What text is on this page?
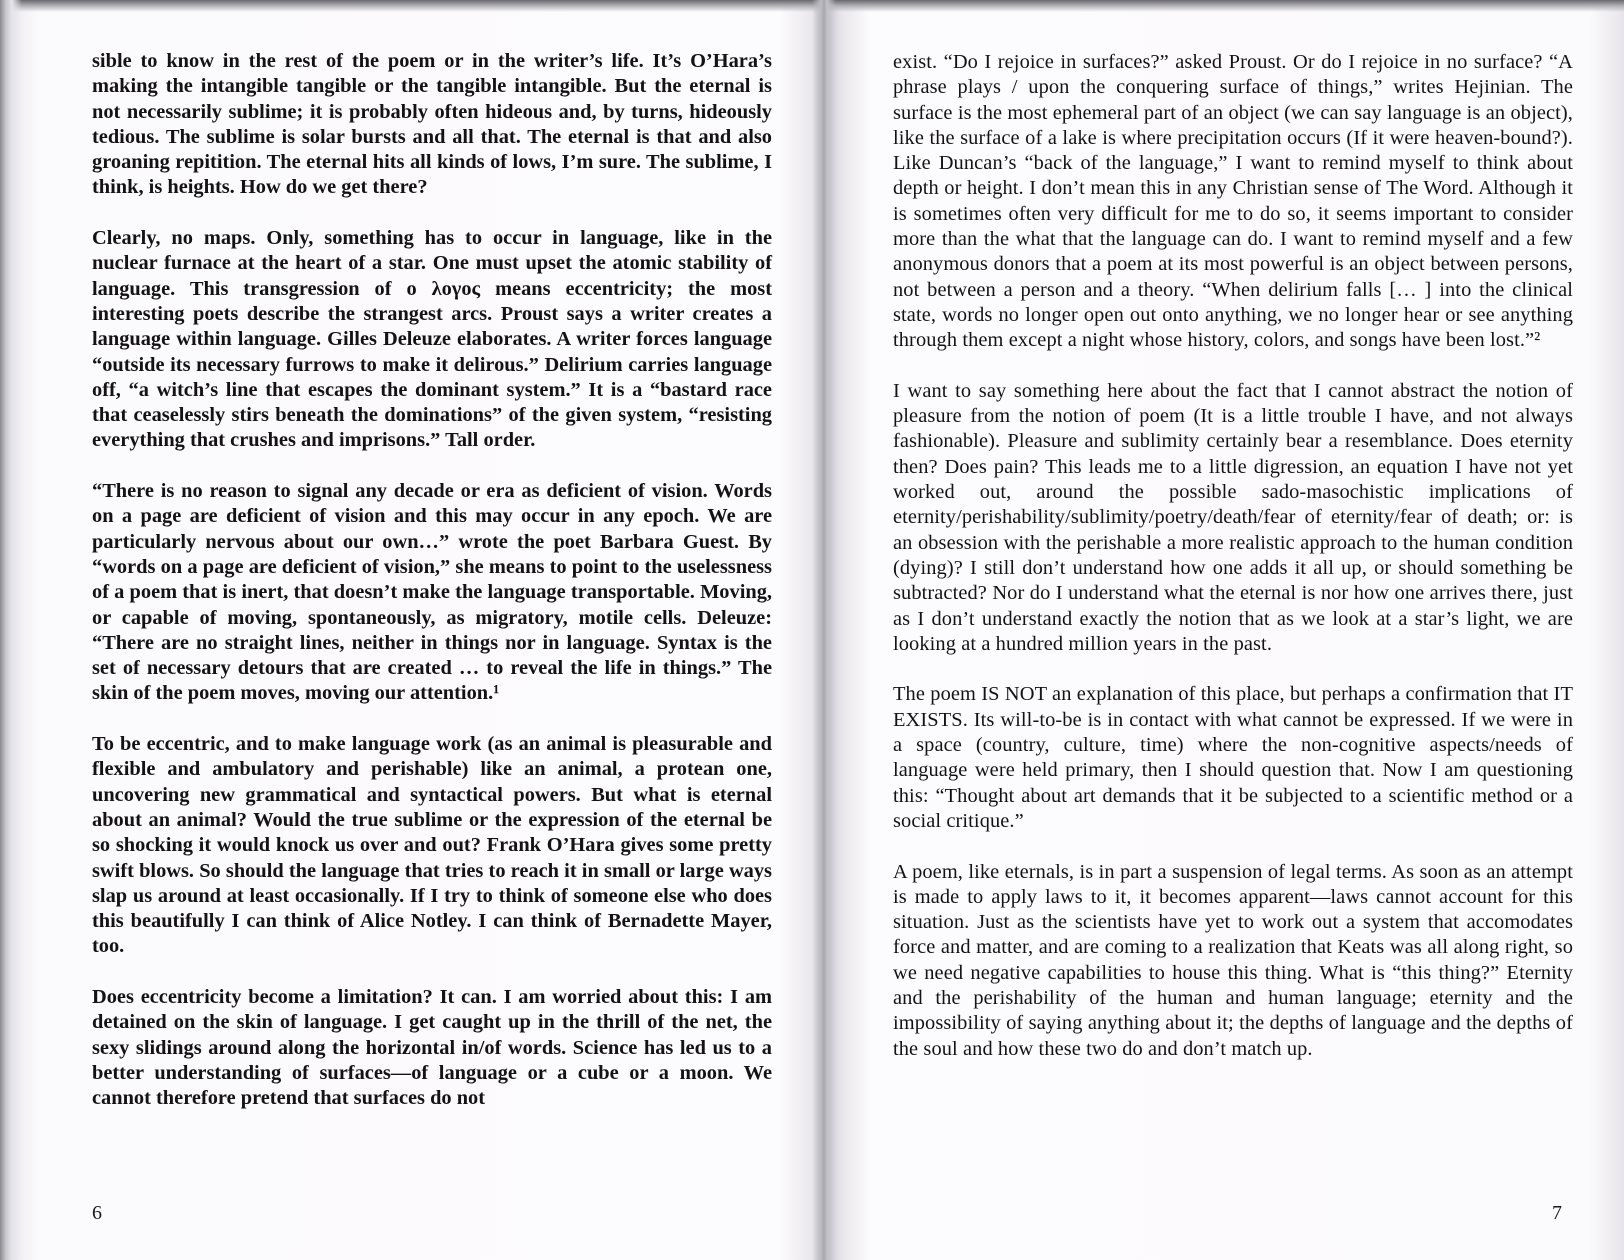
sible to know in the rest of the poem or in the writer’s life. It’s O’Hara’s making the intangible tangible or the tangible intangible. But the eternal is not necessarily sublime; it is probably often hideous and, by turns, hideously tedious. The sublime is solar bursts and all that. The eternal is that and also groaning repitition. The eternal hits all kinds of lows, I’m sure. The sublime, I think, is heights. How do we get there?

Clearly, no maps. Only, something has to occur in language, like in the nuclear furnace at the heart of a star. One must upset the atomic stability of language. This transgression of ο λογος means eccentricity; the most interesting poets describe the strangest arcs. Proust says a writer creates a language within language. Gilles Deleuze elaborates. A writer forces language “outside its necessary furrows to make it delirous.” Delirium carries language off, “a witch’s line that escapes the dominant system.” It is a “bastard race that ceaselessly stirs beneath the dominations” of the given system, “resisting everything that crushes and imprisons.” Tall order.

“There is no reason to signal any decade or era as deficient of vision. Words on a page are deficient of vision and this may occur in any epoch. We are particularly nervous about our own…” wrote the poet Barbara Guest. By “words on a page are deficient of vision,” she means to point to the uselessness of a poem that is inert, that doesn’t make the language transportable. Moving, or capable of moving, spontaneously, as migratory, motile cells. Deleuze: “There are no straight lines, neither in things nor in language. Syntax is the set of necessary detours that are created … to reveal the life in things.” The skin of the poem moves, moving our attention.¹

To be eccentric, and to make language work (as an animal is pleasurable and flexible and ambulatory and perishable) like an animal, a protean one, uncovering new grammatical and syntactical powers. But what is eternal about an animal? Would the true sublime or the expression of the eternal be so shocking it would knock us over and out? Frank O’Hara gives some pretty swift blows. So should the language that tries to reach it in small or large ways slap us around at least occasionally. If I try to think of someone else who does this beautifully I can think of Alice Notley. I can think of Bernadette Mayer, too.

Does eccentricity become a limitation? It can. I am worried about this: I am detained on the skin of language. I get caught up in the thrill of the net, the sexy slidings around along the horizontal in/of words. Science has led us to a better understanding of surfaces—of language or a cube or a moon. We cannot therefore pretend that surfaces do not

6

exist. “Do I rejoice in surfaces?” asked Proust. Or do I rejoice in no surface? “A phrase plays / upon the conquering surface of things,” writes Hejinian. The surface is the most ephemeral part of an object (we can say language is an object), like the surface of a lake is where precipitation occurs (If it were heaven-bound?). Like Duncan’s “back of the language,” I want to remind myself to think about depth or height. I don’t mean this in any Christian sense of The Word. Although it is sometimes often very difficult for me to do so, it seems important to consider more than the what that the language can do. I want to remind myself and a few anonymous donors that a poem at its most powerful is an object between persons, not between a person and a theory. “When delirium falls [… ] into the clinical state, words no longer open out onto anything, we no longer hear or see anything through them except a night whose history, colors, and songs have been lost.”²

I want to say something here about the fact that I cannot abstract the notion of pleasure from the notion of poem (It is a little trouble I have, and not always fashionable). Pleasure and sublimity certainly bear a resemblance. Does eternity then? Does pain? This leads me to a little digression, an equation I have not yet worked out, around the possible sado-masochistic implications of eternity/perishability/sublimity/poetry/death/fear of eternity/fear of death; or: is an obsession with the perishable a more realistic approach to the human condition (dying)? I still don’t understand how one adds it all up, or should something be subtracted? Nor do I understand what the eternal is nor how one arrives there, just as I don’t understand exactly the notion that as we look at a star’s light, we are looking at a hundred million years in the past.

The poem IS NOT an explanation of this place, but perhaps a confirmation that IT EXISTS. Its will-to-be is in contact with what cannot be expressed. If we were in a space (country, culture, time) where the non-cognitive aspects/needs of language were held primary, then I should question that. Now I am questioning this: “Thought about art demands that it be subjected to a scientific method or a social critique.”

A poem, like eternals, is in part a suspension of legal terms. As soon as an attempt is made to apply laws to it, it becomes apparent—laws cannot account for this situation. Just as the scientists have yet to work out a system that accomodates force and matter, and are coming to a realization that Keats was all along right, so we need negative capabilities to house this thing. What is “this thing?” Eternity and the perishability of the human and human language; eternity and the impossibility of saying anything about it; the depths of language and the depths of the soul and how these two do and don’t match up.

7
